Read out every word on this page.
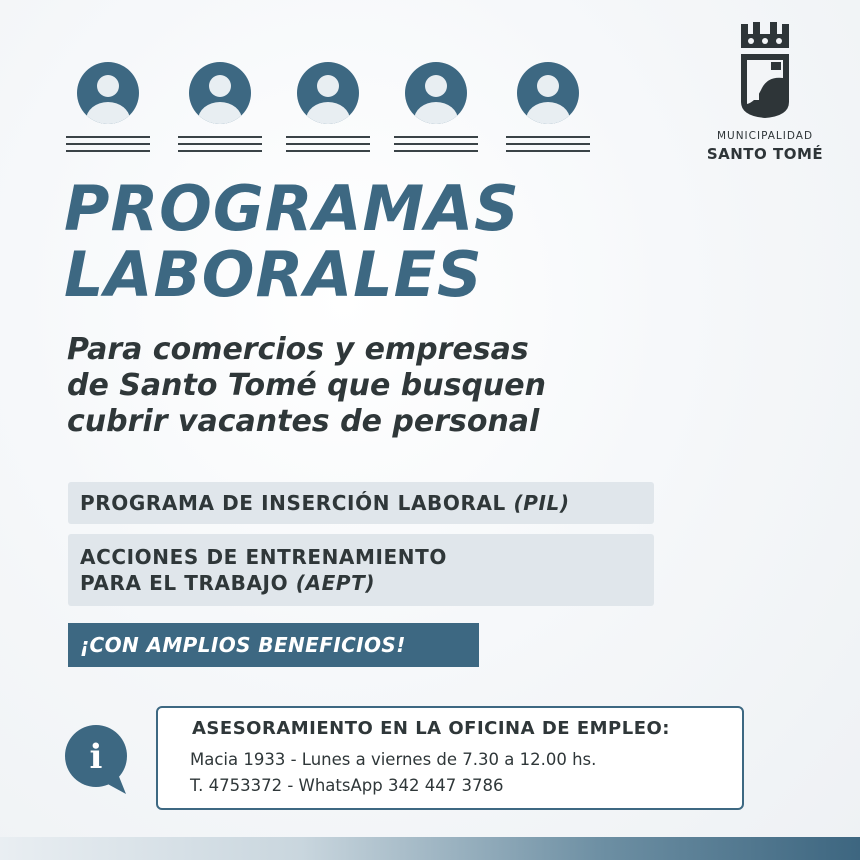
MUNICIPALIDAD
SANTO TOMÉ
PROGRAMAS
LABORALES
Para comercios y empresas
de Santo Tomé que busquen
cubrir vacantes de personal
PROGRAMA DE INSERCIÓN LABORAL (PIL)
ACCIONES DE ENTRENAMIENTO
PARA EL TRABAJO (AEPT)
¡CON AMPLIOS BENEFICIOS!
i
ASESORAMIENTO EN LA OFICINA DE EMPLEO:
Macia 1933 - Lunes a viernes de 7.30 a 12.00 hs.
T. 4753372 - WhatsApp 342 447 3786
